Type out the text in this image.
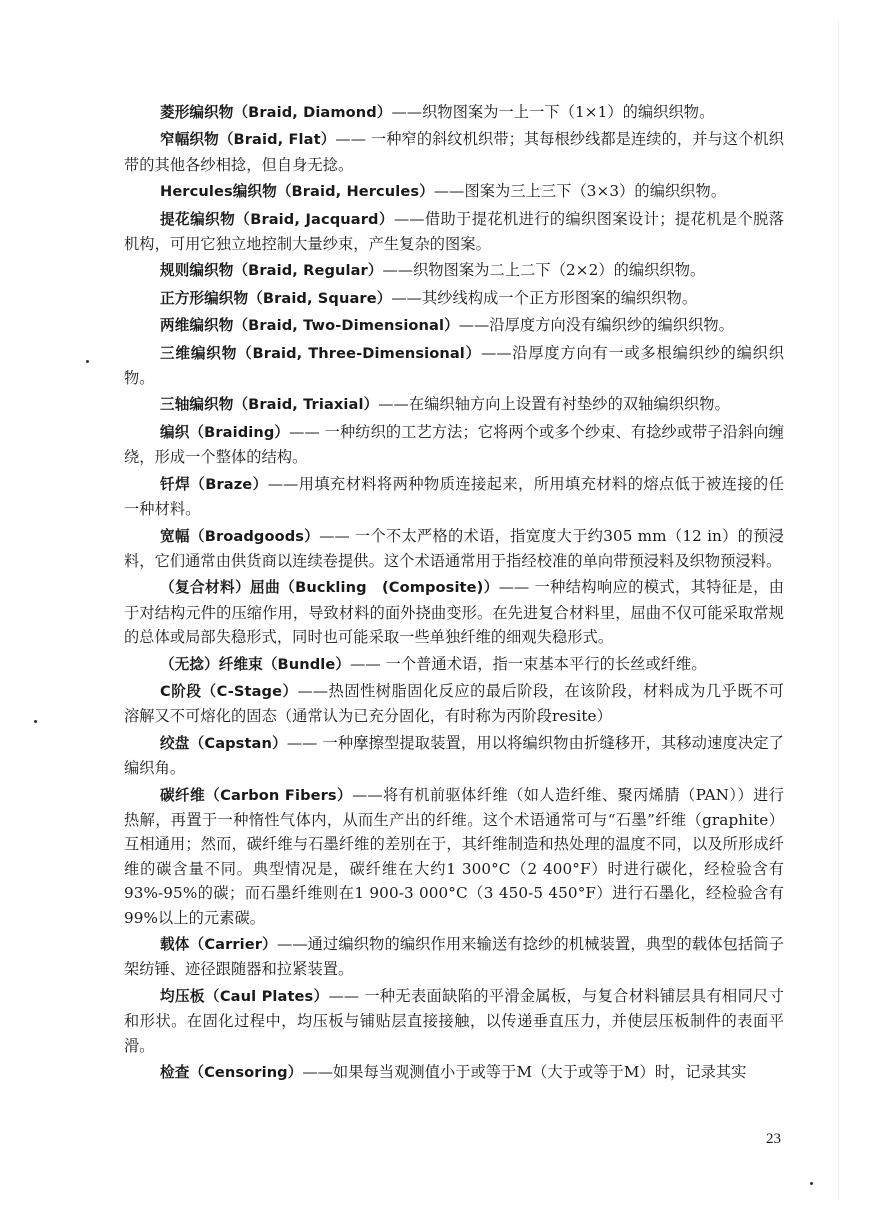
菱形编织物（Braid, Diamond）——织物图案为一上一下（1×1）的编织织物。

窄幅织物（Braid, Flat）—— 一种窄的斜纹机织带；其每根纱线都是连续的，并与这个机织带的其他各纱相捻，但自身无捻。

Hercules编织物（Braid, Hercules）——图案为三上三下（3×3）的编织织物。

提花编织物（Braid, Jacquard）——借助于提花机进行的编织图案设计；提花机是个脱落机构，可用它独立地控制大量纱束，产生复杂的图案。

规则编织物（Braid, Regular）——织物图案为二上二下（2×2）的编织织物。

正方形编织物（Braid, Square）——其纱线构成一个正方形图案的编织织物。

两维编织物（Braid, Two-Dimensional）——沿厚度方向没有编织纱的编织织物。

三维编织物（Braid, Three-Dimensional）——沿厚度方向有一或多根编织纱的编织织物。

三轴编织物（Braid, Triaxial）——在编织轴方向上设置有衬垫纱的双轴编织织物。

编织（Braiding）—— 一种纺织的工艺方法；它将两个或多个纱束、有捻纱或带子沿斜向缠绕，形成一个整体的结构。

钎焊（Braze）——用填充材料将两种物质连接起来，所用填充材料的熔点低于被连接的任一种材料。

宽幅（Broadgoods）—— 一个不太严格的术语，指宽度大于约305 mm（12 in）的预浸料，它们通常由供货商以连续卷提供。这个术语通常用于指经校准的单向带预浸料及织物预浸料。

（复合材料）屈曲（Buckling　(Composite)）—— 一种结构响应的模式，其特征是，由于对结构元件的压缩作用，导致材料的面外挠曲变形。在先进复合材料里，屈曲不仅可能采取常规的总体或局部失稳形式，同时也可能采取一些单独纤维的细观失稳形式。

（无捻）纤维束（Bundle）—— 一个普通术语，指一束基本平行的长丝或纤维。

C阶段（C-Stage）——热固性树脂固化反应的最后阶段，在该阶段，材料成为几乎既不可溶解又不可熔化的固态（通常认为已充分固化，有时称为丙阶段resite）

绞盘（Capstan）—— 一种摩擦型提取装置，用以将编织物由折缝移开，其移动速度决定了编织角。

碳纤维（Carbon Fibers）——将有机前驱体纤维（如人造纤维、聚丙烯腈（PAN））进行热解，再置于一种惰性气体内，从而生产出的纤维。这个术语通常可与“石墨”纤维（graphite）互相通用；然而，碳纤维与石墨纤维的差别在于，其纤维制造和热处理的温度不同，以及所形成纤维的碳含量不同。典型情况是，碳纤维在大约1 300°C（2 400°F）时进行碳化，经检验含有93%-95%的碳；而石墨纤维则在1 900-3 000°C（3 450-5 450°F）进行石墨化，经检验含有99%以上的元素碳。

载体（Carrier）——通过编织物的编织作用来输送有捻纱的机械装置，典型的载体包括筒子架纺锤、迹径跟随器和拉紧装置。

均压板（Caul Plates）—— 一种无表面缺陷的平滑金属板，与复合材料铺层具有相同尺寸和形状。在固化过程中，均压板与铺贴层直接接触，以传递垂直压力，并使层压板制件的表面平滑。

检查（Censoring）——如果每当观测值小于或等于M（大于或等于M）时，记录其实

23
